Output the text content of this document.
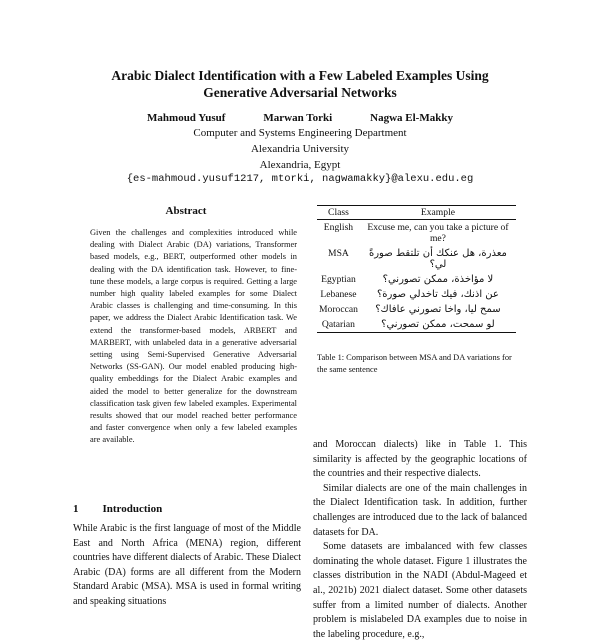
Arabic Dialect Identification with a Few Labeled Examples Using
Generative Adversarial Networks
Mahmoud Yusuf	Marwan Torki	Nagwa El-Makky
Computer and Systems Engineering Department
Alexandria University
Alexandria, Egypt
{es-mahmoud.yusuf1217, mtorki, nagwamakky}@alexu.edu.eg
Abstract

Given the challenges and complexities introduced while dealing with Dialect Arabic (DA) variations, Transformer based models, e.g., BERT, outperformed other models in dealing with the DA identification task. However, to fine-tune these models, a large corpus is required. Getting a large number high quality labeled examples for some Dialect Arabic classes is challenging and time-consuming. In this paper, we address the Dialect Arabic Identification task. We extend the transformer-based models, ARBERT and MARBERT, with unlabeled data in a generative adversarial setting using Semi-Supervised Generative Adversarial Networks (SS-GAN). Our model enabled producing high-quality embeddings for the Dialect Arabic examples and aided the model to better generalize for the downstream classification task given few labeled examples. Experimental results showed that our model reached better performance and faster convergence when only a few labeled examples are available.

1 Introduction

While Arabic is the first language of most of the Middle East and North Africa (MENA) region, different countries have different dialects of Arabic. These Dialect Arabic (DA) forms are all different from the Modern Standard Arabic (MSA). MSA is used in formal writing and speaking situations

Class	Example
English	Excuse me, can you take a picture of me?
MSA	معذرة، هل عنكك أن تلتقط صورةً لي؟
Egyptian	لا مؤاخذة، ممكن تصورني؟
Lebanese	عن اذنك، فيك تاخدلي صورة؟
Moroccan	سمح ليا، واخا تصورني عافاك؟
Qatarian	لو سمحت، ممكن تصورني؟
Table 1: Comparison between MSA and DA variations for the same sentence

and Moroccan dialects) like in Table 1. This similarity is affected by the geographic locations of the countries and their respective dialects.

Similar dialects are one of the main challenges in the Dialect Identification task. In addition, further challenges are introduced due to the lack of balanced datasets for DA.

Some datasets are imbalanced with few classes dominating the whole dataset. Figure 1 illustrates the classes distribution in the NADI (Abdul-Mageed et al., 2021b) 2021 dialect dataset. Some other datasets suffer from a limited number of dialects. Another problem is mislabeled DA examples due to noise in the labeling procedure, e.g.,
